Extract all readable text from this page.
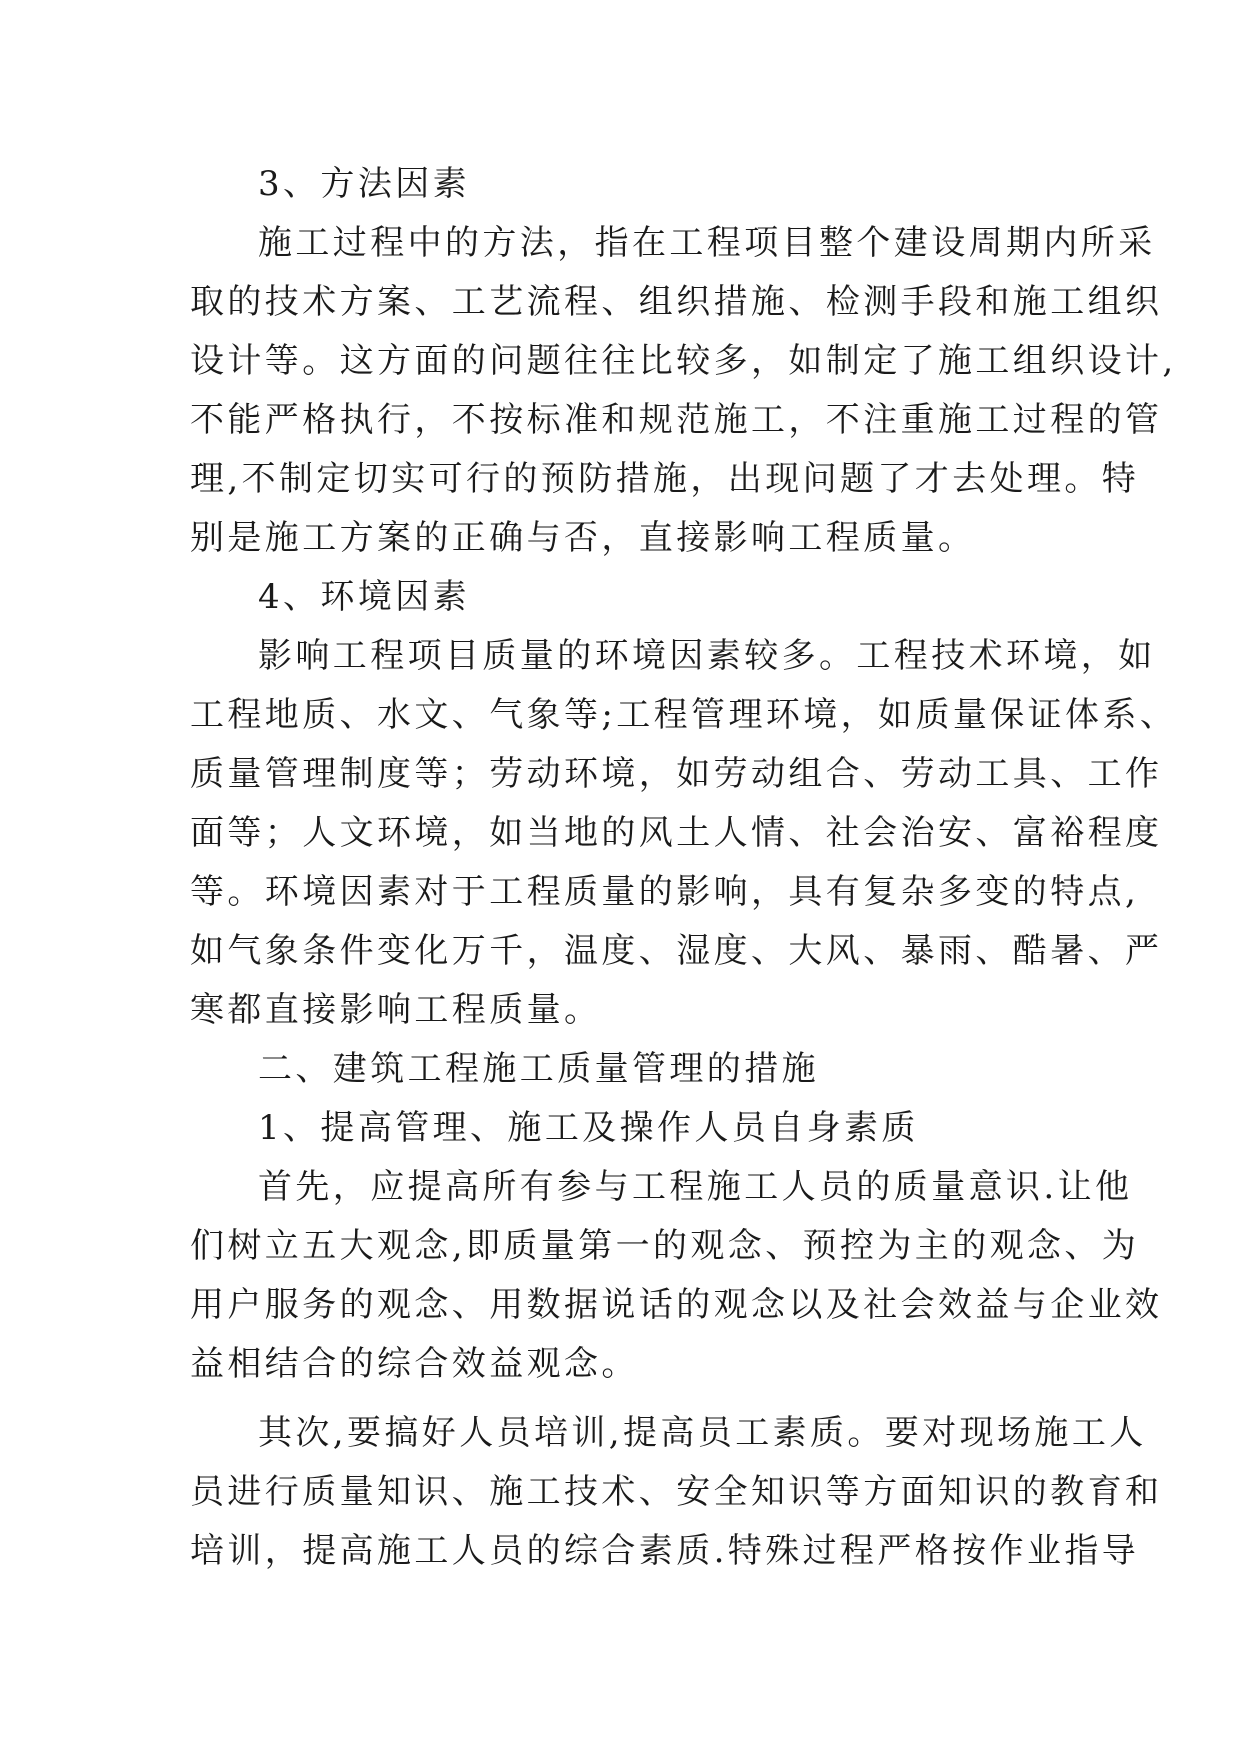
3、方法因素
施工过程中的方法，指在工程项目整个建设周期内所采
取的技术方案、工艺流程、组织措施、检测手段和施工组织
设计等。这方面的问题往往比较多，如制定了施工组织设计,
不能严格执行，不按标准和规范施工，不注重施工过程的管
理,不制定切实可行的预防措施，出现问题了才去处理。特
别是施工方案的正确与否，直接影响工程质量。
4、环境因素
影响工程项目质量的环境因素较多。工程技术环境，如
工程地质、水文、气象等;工程管理环境，如质量保证体系、
质量管理制度等；劳动环境，如劳动组合、劳动工具、工作
面等；人文环境，如当地的风土人情、社会治安、富裕程度
等。环境因素对于工程质量的影响，具有复杂多变的特点,
如气象条件变化万千，温度、湿度、大风、暴雨、酷暑、严
寒都直接影响工程质量。
二、建筑工程施工质量管理的措施
1、提高管理、施工及操作人员自身素质
首先，应提高所有参与工程施工人员的质量意识.让他
们树立五大观念,即质量第一的观念、预控为主的观念、为
用户服务的观念、用数据说话的观念以及社会效益与企业效
益相结合的综合效益观念。
其次,要搞好人员培训,提高员工素质。要对现场施工人
员进行质量知识、施工技术、安全知识等方面知识的教育和
培训，提高施工人员的综合素质.特殊过程严格按作业指导
